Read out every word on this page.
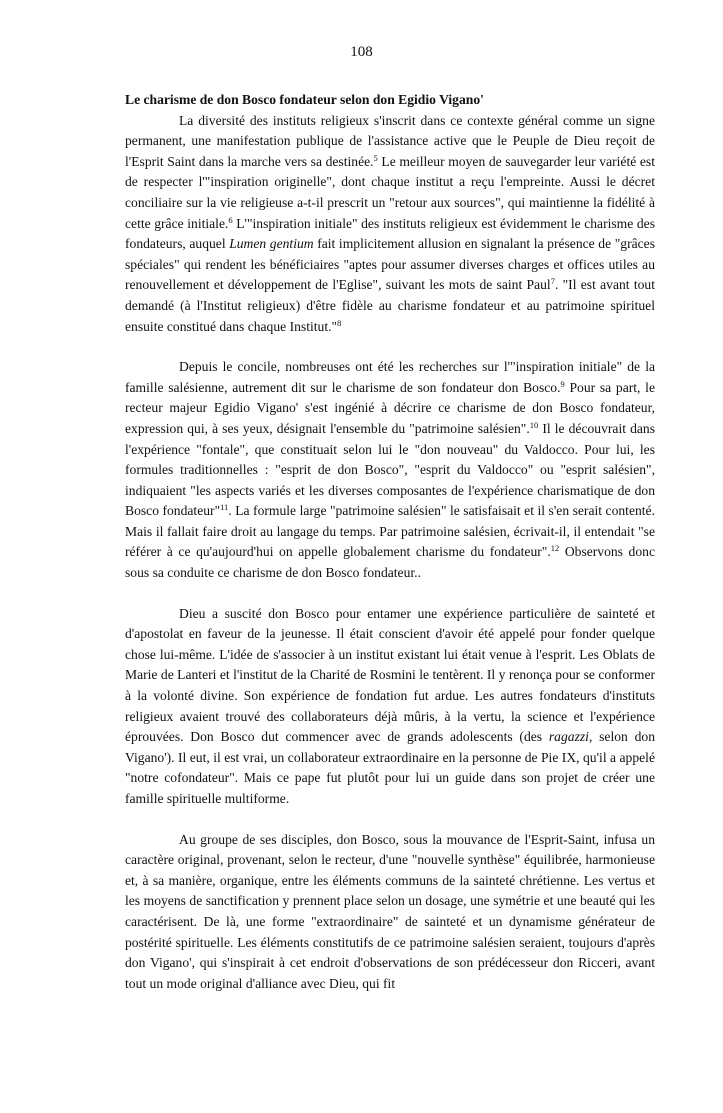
108

Le charisme de don Bosco fondateur selon don Egidio Vigano'

La diversité des instituts religieux s'inscrit dans ce contexte général comme un signe permanent, une manifestation publique de l'assistance active que le Peuple de Dieu reçoit de l'Esprit Saint dans la marche vers sa destinée.$^5$ Le meilleur moyen de sauvegarder leur variété est de respecter l'"inspiration originelle", dont chaque institut a reçu l'empreinte. Aussi le décret conciliaire sur la vie religieuse a-t-il prescrit un "retour aux sources", qui maintienne la fidélité à cette grâce initiale.$^6$ L'"inspiration initiale" des instituts religieux est évidemment le charisme des fondateurs, auquel Lumen gentium fait implicitement allusion en signalant la présence de "grâces spéciales" qui rendent les bénéficiaires "aptes pour assumer diverses charges et offices utiles au renouvellement et développement de l'Eglise", suivant les mots de saint Paul$^7$. "Il est avant tout demandé (à l'Institut religieux) d'être fidèle au charisme fondateur et au patrimoine spirituel ensuite constitué dans chaque Institut."$^8$

Depuis le concile, nombreuses ont été les recherches sur l'"inspiration initiale" de la famille salésienne, autrement dit sur le charisme de son fondateur don Bosco.$^9$ Pour sa part, le recteur majeur Egidio Vigano' s'est ingénié à décrire ce charisme de don Bosco fondateur, expression qui, à ses yeux, désignait l'ensemble du "patrimoine salésien".$^{10}$ Il le découvrait dans l'expérience "fontale", que constituait selon lui le "don nouveau" du Valdocco. Pour lui, les formules traditionnelles : "esprit de don Bosco", "esprit du Valdocco" ou "esprit salésien", indiquaient "les aspects variés et les diverses composantes de l'expérience charismatique de don Bosco fondateur"$^{11}$. La formule large "patrimoine salésien" le satisfaisait et il s'en serait contenté. Mais il fallait faire droit au langage du temps. Par patrimoine salésien, écrivait-il, il entendait "se référer à ce qu'aujourd'hui on appelle globalement charisme du fondateur".$^{12}$ Observons donc sous sa conduite ce charisme de don Bosco fondateur..

Dieu a suscité don Bosco pour entamer une expérience particulière de sainteté et d'apostolat en faveur de la jeunesse. Il était conscient d'avoir été appelé pour fonder quelque chose lui-même. L'idée de s'associer à un institut existant lui était venue à l'esprit. Les Oblats de Marie de Lanteri et l'institut de la Charité de Rosmini le tentèrent. Il y renonça pour se conformer à la volonté divine. Son expérience de fondation fut ardue. Les autres fondateurs d'instituts religieux avaient trouvé des collaborateurs déjà mûris, à la vertu, la science et l'expérience éprouvées. Don Bosco dut commencer avec de grands adolescents (des ragazzi, selon don Vigano'). Il eut, il est vrai, un collaborateur extraordinaire en la personne de Pie IX, qu'il a appelé "notre cofondateur". Mais ce pape fut plutôt pour lui un guide dans son projet de créer une famille spirituelle multiforme.

Au groupe de ses disciples, don Bosco, sous la mouvance de l'Esprit-Saint, infusa un caractère original, provenant, selon le recteur, d'une "nouvelle synthèse" équilibrée, harmonieuse et, à sa manière, organique, entre les éléments communs de la sainteté chrétienne. Les vertus et les moyens de sanctification y prennent place selon un dosage, une symétrie et une beauté qui les caractérisent. De là, une forme "extraordinaire" de sainteté et un dynamisme générateur de postérité spirituelle. Les éléments constitutifs de ce patrimoine salésien seraient, toujours d'après don Vigano', qui s'inspirait à cet endroit d'observations de son prédécesseur don Ricceri, avant tout un mode original d'alliance avec Dieu, qui fit
